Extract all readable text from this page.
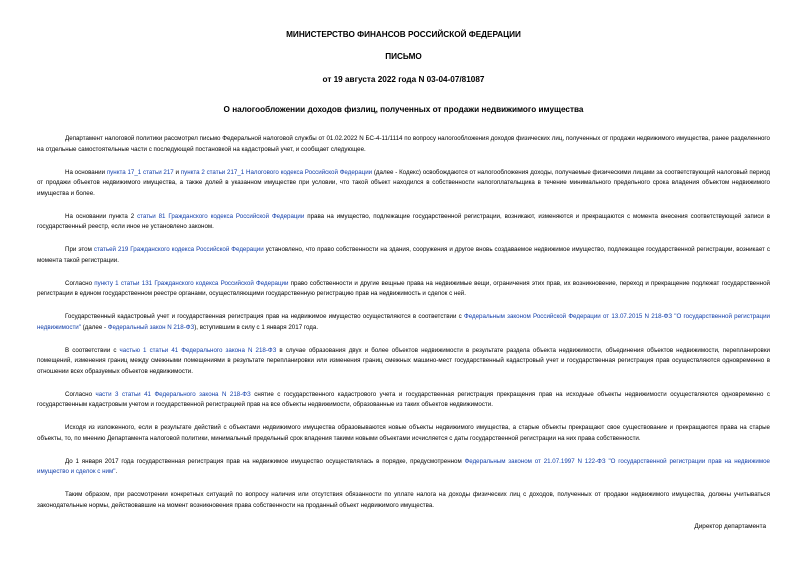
МИНИСТЕРСТВО ФИНАНСОВ РОССИЙСКОЙ ФЕДЕРАЦИИ
ПИСЬМО
от 19 августа 2022 года N 03-04-07/81087
О налогообложении доходов физлиц, полученных от продажи недвижимого имущества

Департамент налоговой политики рассмотрел письмо Федеральной налоговой службы от 01.02.2022 N БС-4-11/1114 по вопросу налогообложения доходов физических лиц, полученных от продажи недвижимого имущества, ранее разделенного на отдельные самостоятельные части с последующей постановкой на кадастровый учет, и сообщает следующее.

На основании пункта 17_1 статьи 217 и пункта 2 статьи 217_1 Налогового кодекса Российской Федерации (далее - Кодекс) освобождаются от налогообложения доходы, получаемые физическими лицами за соответствующий налоговый период от продажи объектов недвижимого имущества, а также долей в указанном имуществе при условии, что такой объект находился в собственности налогоплательщика в течение минимального предельного срока владения объектом недвижимого имущества и более.

На основании пункта 2 статьи 81 Гражданского кодекса Российской Федерации права на имущество, подлежащие государственной регистрации, возникают, изменяются и прекращаются с момента внесения соответствующей записи в государственный реестр, если иное не установлено законом.

При этом статьей 219 Гражданского кодекса Российской Федерации установлено, что право собственности на здания, сооружения и другое вновь создаваемое недвижимое имущество, подлежащее государственной регистрации, возникает с момента такой регистрации.

Согласно пункту 1 статьи 131 Гражданского кодекса Российской Федерации право собственности и другие вещные права на недвижимые вещи, ограничения этих прав, их возникновение, переход и прекращение подлежат государственной регистрации в едином государственном реестре органами, осуществляющими государственную регистрацию прав на недвижимость и сделок с ней.

Государственный кадастровый учет и государственная регистрация прав на недвижимое имущество осуществляются в соответствии с Федеральным законом Российской Федерации от 13.07.2015 N 218-ФЗ "О государственной регистрации недвижимости" (далее - Федеральный закон N 218-ФЗ), вступившим в силу с 1 января 2017 года.

В соответствии с частью 1 статьи 41 Федерального закона N 218-ФЗ в случае образования двух и более объектов недвижимости в результате раздела объекта недвижимости, объединения объектов недвижимости, перепланировки помещений, изменения границ между смежными помещениями в результате перепланировки или изменения границ смежных машино-мест государственный кадастровый учет и государственная регистрация прав осуществляются одновременно в отношении всех образуемых объектов недвижимости.

Согласно части 3 статьи 41 Федерального закона N 218-ФЗ снятие с государственного кадастрового учета и государственная регистрация прекращения прав на исходные объекты недвижимости осуществляются одновременно с государственным кадастровым учетом и государственной регистрацией прав на все объекты недвижимости, образованные из таких объектов недвижимости.

Исходя из изложенного, если в результате действий с объектами недвижимого имущества образовываются новые объекты недвижимого имущества, а старые объекты прекращают свое существование и прекращаются права на старые объекты, то, по мнению Департамента налоговой политики, минимальный предельный срок владения такими новыми объектами исчисляется с даты государственной регистрации на них права собственности.

До 1 января 2017 года государственная регистрация прав на недвижимое имущество осуществлялась в порядке, предусмотренном Федеральным законом от 21.07.1997 N 122-ФЗ "О государственной регистрации прав на недвижимое имущество и сделок с ним".

Таким образом, при рассмотрении конкретных ситуаций по вопросу наличия или отсутствия обязанности по уплате налога на доходы физических лиц с доходов, полученных от продажи недвижимого имущества, должны учитываться законодательные нормы, действовавшие на момент возникновения права собственности на проданный объект недвижимого имущества.

Директор департамента
